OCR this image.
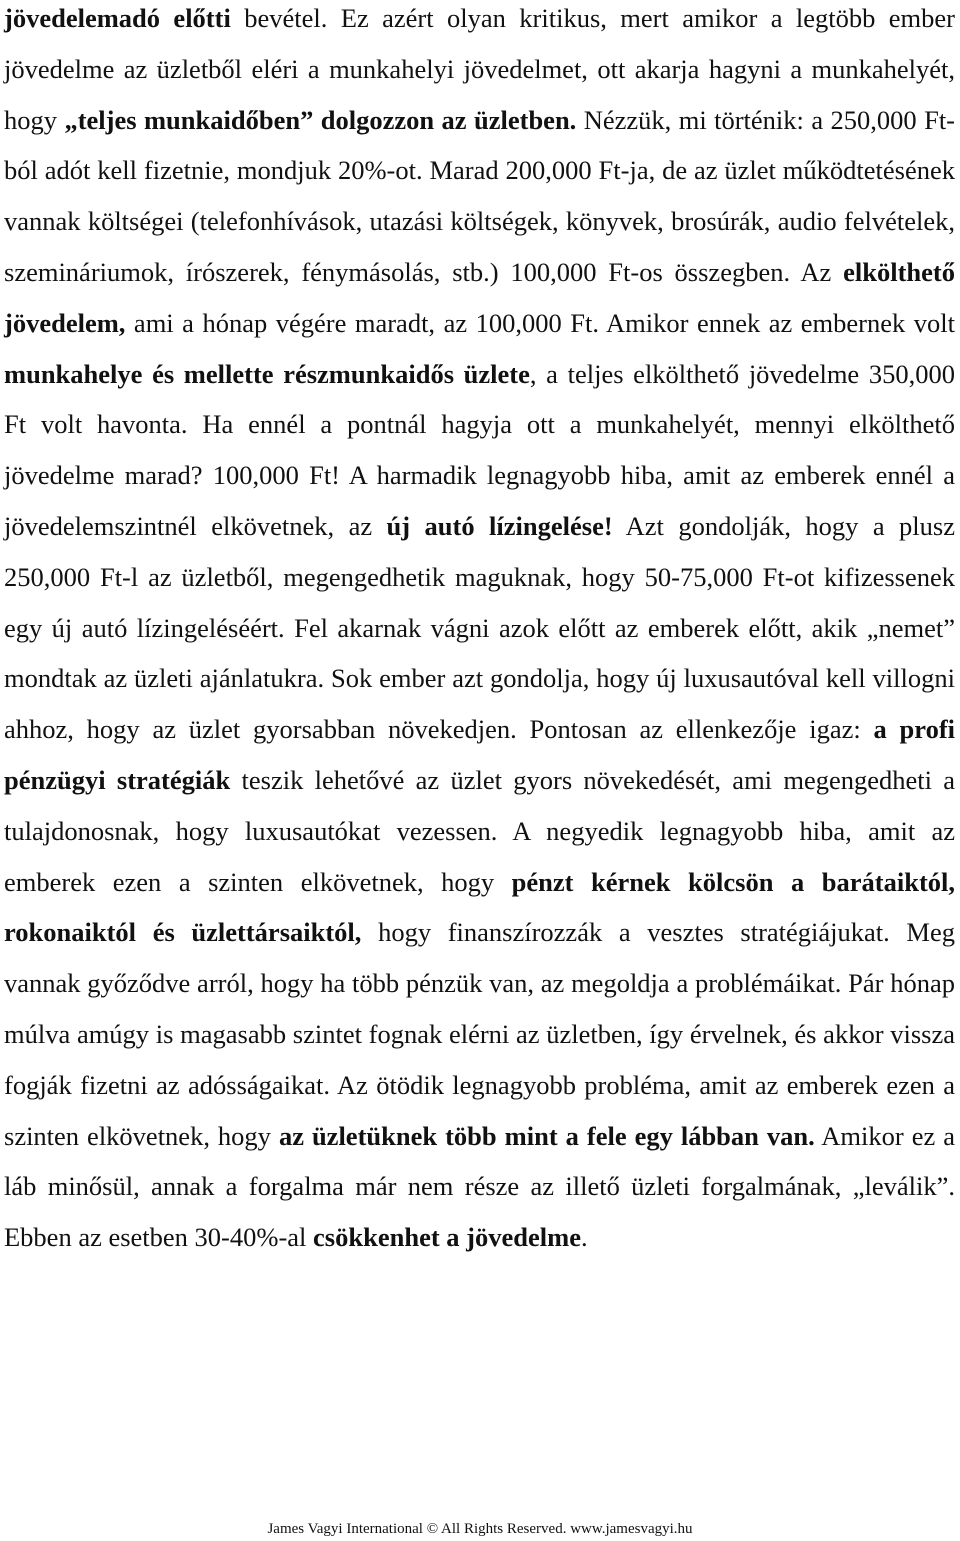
jövedelemadó előtti bevétel. Ez azért olyan kritikus, mert amikor a legtöbb ember jövedelme az üzletből eléri a munkahelyi jövedelmet, ott akarja hagyni a munkahelyét, hogy „teljes munkaidőben” dolgozzon az üzletben. Nézzük, mi történik: a 250,000 Ft-ból adót kell fizetnie, mondjuk 20%-ot. Marad 200,000 Ft-ja, de az üzlet működtetésének vannak költségei (telefonhívások, utazási költségek, könyvek, brosúrák, audio felvételek, szemináriumok, írószerek, fénymásolás, stb.) 100,000 Ft-os összegben. Az elkölthető jövedelem, ami a hónap végére maradt, az 100,000 Ft. Amikor ennek az embernek volt munkahelye és mellette részmunkaidős üzlete, a teljes elkölthető jövedelme 350,000 Ft volt havonta. Ha ennél a pontnál hagyja ott a munkahelyét, mennyi elkölthető jövedelme marad? 100,000 Ft! A harmadik legnagyobb hiba, amit az emberek ennél a jövedelemszintnél elkövetnek, az új autó lízingelése! Azt gondolják, hogy a plusz 250,000 Ft-l az üzletből, megengedhetik maguknak, hogy 50-75,000 Ft-ot kifizessenek egy új autó lízingeléséért. Fel akarnak vágni azok előtt az emberek előtt, akik „nemet” mondtak az üzleti ajánlatukra. Sok ember azt gondolja, hogy új luxusautóval kell villogni ahhoz, hogy az üzlet gyorsabban növekedjen. Pontosan az ellenkezője igaz: a profi pénzügyi stratégiák teszik lehetővé az üzlet gyors növekedését, ami megengedheti a tulajdonosnak, hogy luxusautókat vezessen. A negyedik legnagyobb hiba, amit az emberek ezen a szinten elkövetnek, hogy pénzt kérnek kölcsön a barátaiktól, rokonaiktól és üzlettársaiktól, hogy finanszírozzák a vesztes stratégiájukat. Meg vannak győződve arról, hogy ha több pénzük van, az megoldja a problémáikat. Pár hónap múlva amúgy is magasabb szintet fognak elérni az üzletben, így érvelnek, és akkor vissza fogják fizetni az adósságaikat. Az ötödik legnagyobb probléma, amit az emberek ezen a szinten elkövetnek, hogy az üzletüknek több mint a fele egy lábban van. Amikor ez a láb minősül, annak a forgalma már nem része az illető üzleti forgalmának, „leválik”. Ebben az esetben 30-40%-al csökkenhet a jövedelme.

James Vagyi International © All Rights Reserved. www.jamesvagyi.hu
